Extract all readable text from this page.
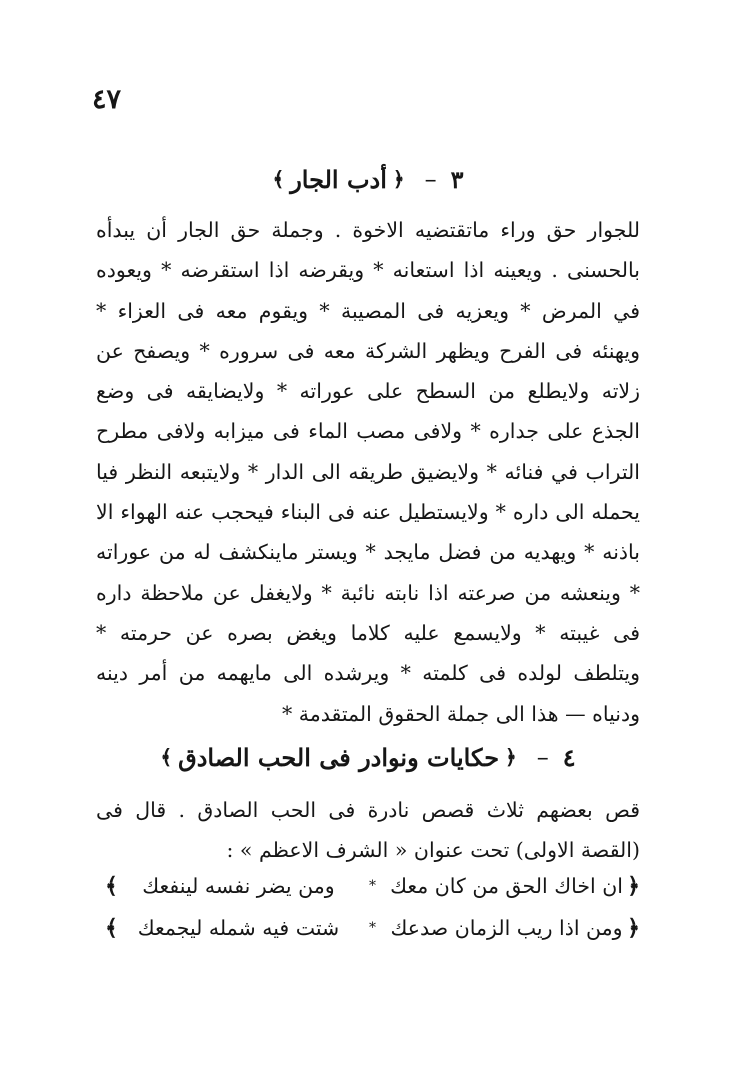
٤٧
٣
–
﴿
أدب الجار
﴾
للجوار حق وراء ماتقتضيه الاخوة . وجملة حق الجار أن يبدأه بالحسنى . ويعينه اذا استعانه * ويقرضه اذا استقرضه * ويعوده في المرض * ويعزيه فى المصيبة * ويقوم معه فى العزاء * ويهنئه فى الفرح ويظهر الشركة معه فى سروره * ويصفح عن زلاته ولايطلع من السطح على عوراته * ولايضايقه فى وضع الجذع على جداره * ولافى مصب الماء فى ميزابه ولافى مطرح التراب في فنائه * ولايضيق طريقه الى الدار * ولايتبعه النظر فيا يحمله الى داره * ولايستطيل عنه فى البناء فيحجب عنه الهواء الا باذنه * ويهديه من فضل مايجد * ويستر ماينكشف له من عوراته * وينعشه من صرعته اذا نابته نائبة * ولايغفل عن ملاحظة داره فى غيبته * ولايسمع عليه كلاما ويغض بصره عن حرمته * ويتلطف لولده فى كلمته * ويرشده الى مايهمه من أمر دينه ودنياه — هذا الى جملة الحقوق المتقدمة *
٤
–
﴿
حكايات ونوادر فى الحب الصادق
﴾
قص بعضهم ثلاث قصص نادرة فى الحب الصادق . قال فى (القصة الاولى) تحت عنوان « الشرف الاعظم » :
﴿
ان اخاك الحق من كان معك
*
ومن يضر نفسه لينفعك
﴾
﴿
ومن اذا ريب الزمان صدعك
*
شتت فيه شمله ليجمعك
﴾
